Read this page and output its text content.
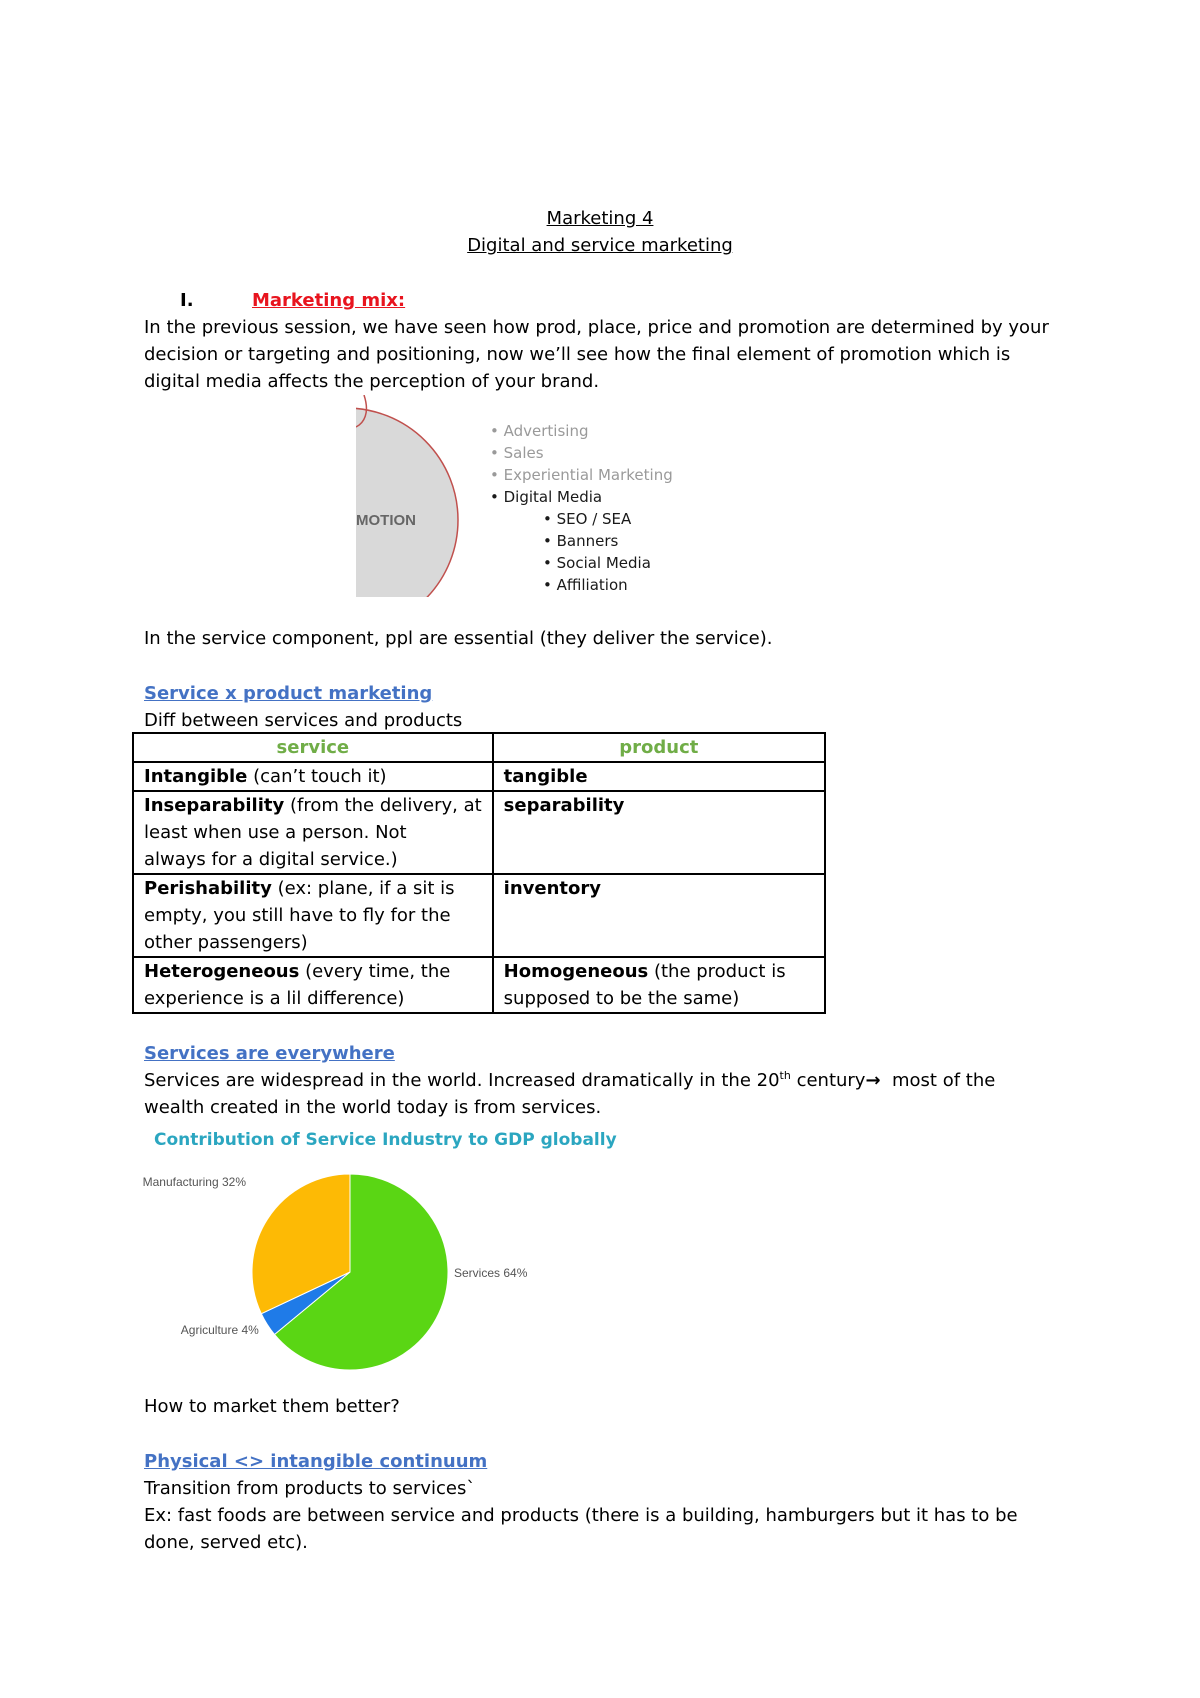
Marketing 4
Digital and service marketing
I.	Marketing mix:
In the previous session, we have seen how prod, place, price and promotion are determined by your
decision or targeting and positioning, now we’ll see how the final element of promotion which is
digital media affects the perception of your brand.
MOTION
• Advertising
• Sales
• Experiential Marketing
• Digital Media
• SEO / SEA
• Banners
• Social Media
• Affiliation
In the service component, ppl are essential (they deliver the service).
Service x product marketing
Diff between services and products
service	product

Intangible (can’t touch it)	tangible

Inseparability (from the delivery, at
least when use a person. Not
always for a digital service.)	separability

Perishability (ex: plane, if a sit is
empty, you still have to fly for the
other passengers)	inventory

Heterogeneous (every time, the
experience is a lil difference)	Homogeneous (the product is
supposed to be the same)
Services are everywhere
Services are widespread in the world. Increased dramatically in the 20th century→  most of the
wealth created in the world today is from services.
Contribution of Service Industry to GDP globally
Services 64%
Agriculture 4%
Manufacturing 32%
How to market them better?
Physical <> intangible continuum
Transition from products to services`
Ex: fast foods are between service and products (there is a building, hamburgers but it has to be
done, served etc).
